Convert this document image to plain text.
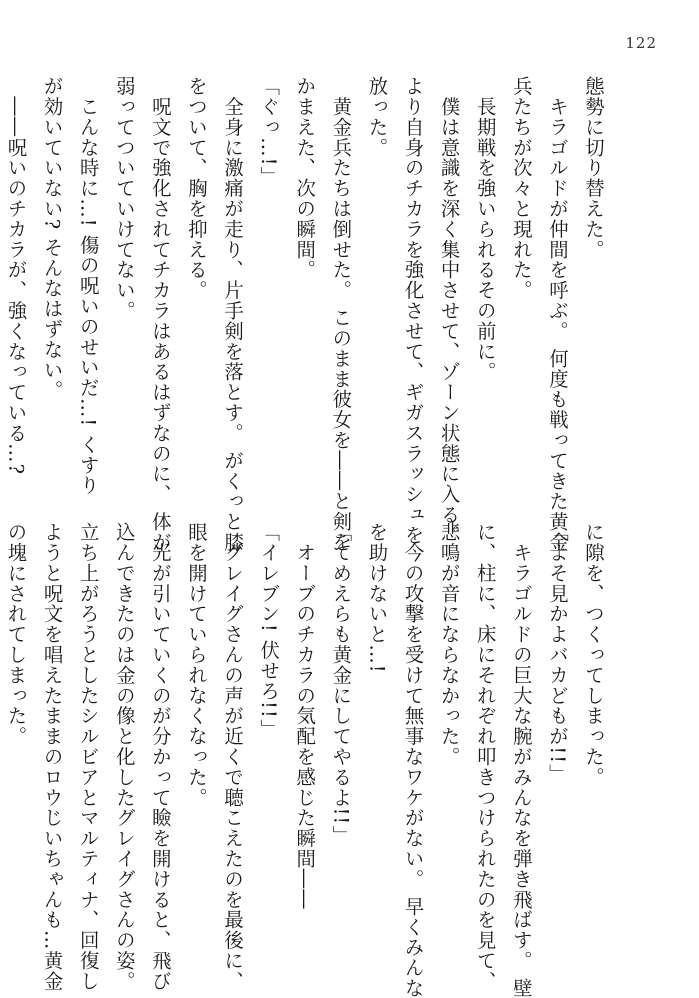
122
態勢に切り替えた。
　キラゴルドが仲間を呼ぶ。 何度も戦ってきた黄金
兵たちが次々と現れた。
　長期戦を強いられるその前に。
　僕は意識を深く集中させて、ゾーン状態に入る。
より自身のチカラを強化させて、ギガスラッシュを
放った。
　黄金兵たちは倒せた。 このまま彼女を――と剣を
かまえた、次の瞬間。
「ぐっ…!」
　全身に激痛が走り、片手剣を落とす。 がくっと膝
をついて、胸を抑える。
　呪文で強化されてチカラはあるはずなのに、 体が
弱ってついていけてない。
　こんな時に…! 傷の呪いのせいだ…! くすり
が効いていない? そんなはずない。
　――呪いのチカラが、強くなっている…?
に隙を、つくってしまった。
「よそ見かよバカどもが!!」
　キラゴルドの巨大な腕がみんなを弾き飛ばす。 壁
に、柱に、床にそれぞれ叩きつけられたのを見て、
悲鳴が音にならなかった。
　今の攻撃を受けて無事なワケがない。 早くみんな
を助けないと…!
「てめえらも黄金にしてやるよ!!」
　オーブのチカラの気配を感じた瞬間――
「イレブン! 伏せろ!!」
　グレイグさんの声が近くで聴こえたのを最後に、
眼を開けていられなくなった。
　光が引いていくのが分かって瞼を開けると、飛び
込んできたのは金の像と化したグレイグさんの姿。
立ち上がろうとしたシルビアとマルティナ、回復し
ようと呪文を唱えたままのロウじいちゃんも…黄金
の塊にされてしまった。
